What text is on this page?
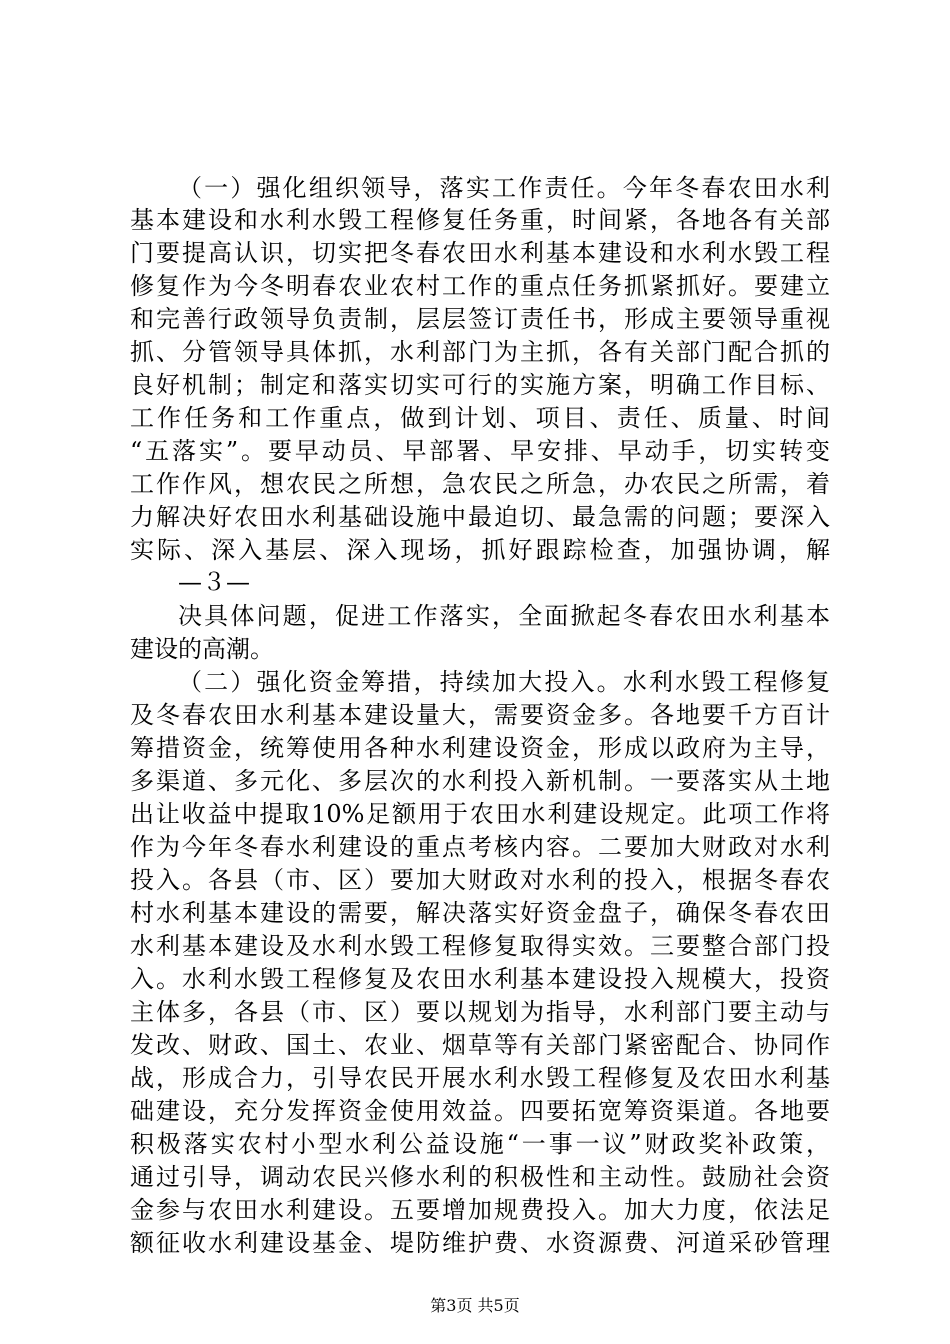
（一）强化组织领导，落实工作责任。今年冬春农田水利
基本建设和水利水毁工程修复任务重，时间紧，各地各有关部
门要提高认识，切实把冬春农田水利基本建设和水利水毁工程
修复作为今冬明春农业农村工作的重点任务抓紧抓好。要建立
和完善行政领导负责制，层层签订责任书，形成主要领导重视
抓、分管领导具体抓，水利部门为主抓，各有关部门配合抓的
良好机制；制定和落实切实可行的实施方案，明确工作目标、
工作任务和工作重点，做到计划、项目、责任、质量、时间
“五落实”。要早动员、早部署、早安排、早动手，切实转变
工作作风，想农民之所想，急农民之所急，办农民之所需，着
力解决好农田水利基础设施中最迫切、最急需的问题；要深入
实际、深入基层、深入现场，抓好跟踪检查，加强协调，解
—３—
决具体问题，促进工作落实，全面掀起冬春农田水利基本
建设的高潮。
（二）强化资金筹措，持续加大投入。水利水毁工程修复
及冬春农田水利基本建设量大，需要资金多。各地要千方百计
筹措资金，统筹使用各种水利建设资金，形成以政府为主导，
多渠道、多元化、多层次的水利投入新机制。一要落实从土地
出让收益中提取10%足额用于农田水利建设规定。此项工作将
作为今年冬春水利建设的重点考核内容。二要加大财政对水利
投入。各县（市、区）要加大财政对水利的投入，根据冬春农
村水利基本建设的需要，解决落实好资金盘子，确保冬春农田
水利基本建设及水利水毁工程修复取得实效。三要整合部门投
入。水利水毁工程修复及农田水利基本建设投入规模大，投资
主体多，各县（市、区）要以规划为指导，水利部门要主动与
发改、财政、国土、农业、烟草等有关部门紧密配合、协同作
战，形成合力，引导农民开展水利水毁工程修复及农田水利基
础建设，充分发挥资金使用效益。四要拓宽筹资渠道。各地要
积极落实农村小型水利公益设施“一事一议”财政奖补政策，
通过引导，调动农民兴修水利的积极性和主动性。鼓励社会资
金参与农田水利建设。五要增加规费投入。加大力度，依法足
额征收水利建设基金、堤防维护费、水资源费、河道采砂管理
第3页 共5页
